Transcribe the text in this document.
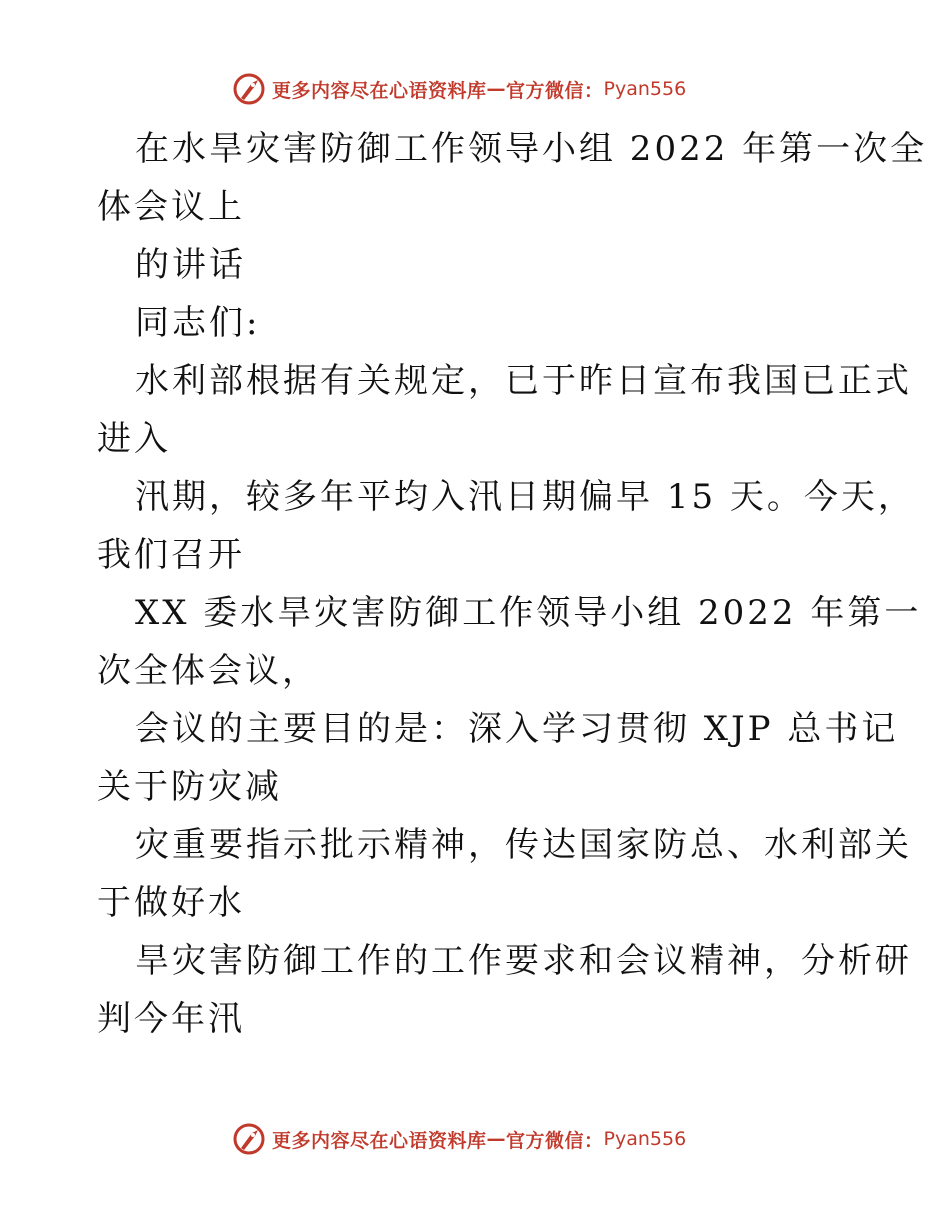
更多内容尽在心语资料库 — 官方微信： Pyan556
在水旱灾害防御工作领导小组 2022 年第一次全
体会议上
的讲话
同志们:
水利部根据有关规定，已于昨日宣布我国已正式
进入
汛期，较多年平均入汛日期偏早 15 天。今天，
我们召开
XX 委水旱灾害防御工作领导小组 2022 年第一
次全体会议，
会议的主要目的是：深入学习贯彻 XJP 总书记
关于防灾减
灾重要指示批示精神，传达国家防总、水利部关
于做好水
旱灾害防御工作的工作要求和会议精神，分析研
判今年汛
更多内容尽在心语资料库 — 官方微信： Pyan556
